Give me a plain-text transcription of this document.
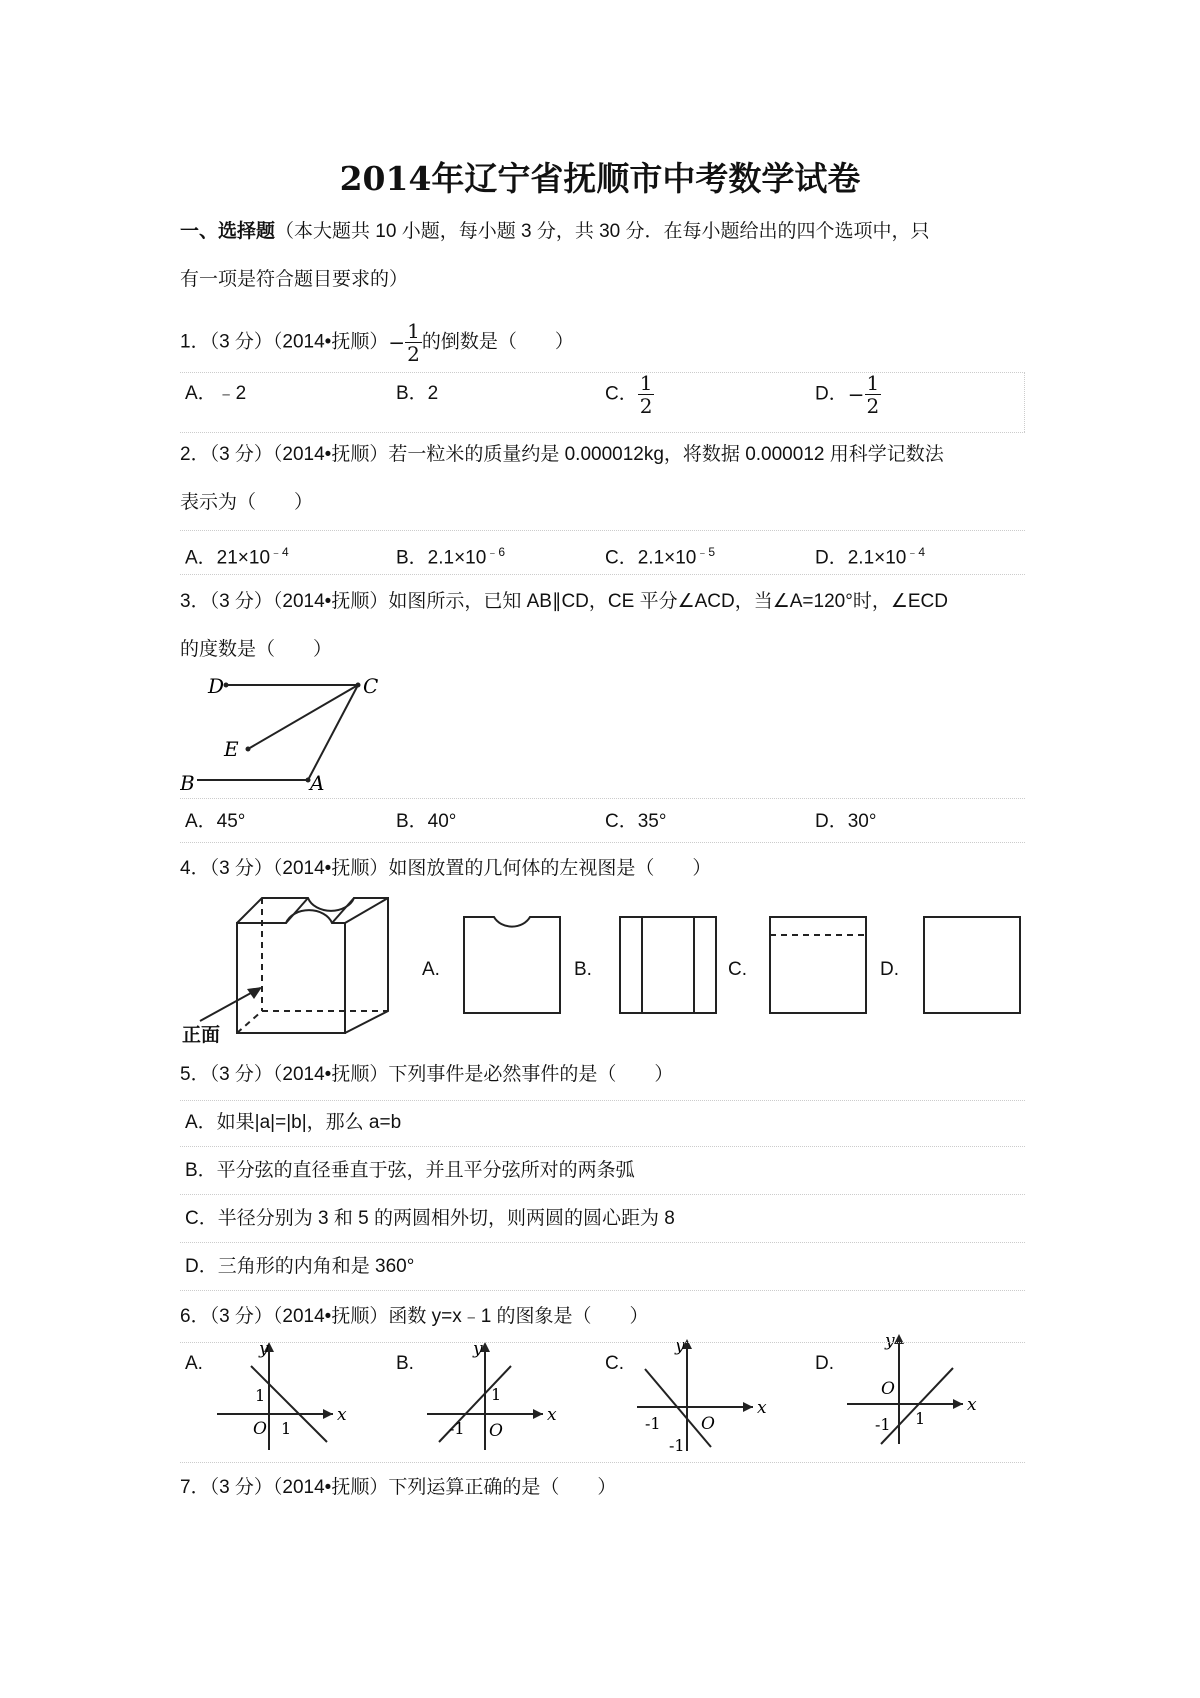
2014年辽宁省抚顺市中考数学试卷
一、选择题（本大题共 10 小题，每小题 3 分，共 30 分．在每小题给出的四个选项中，只
有一项是符合题目要求的）
1．（3 分）（2014•抚顺）− $\frac{1}{2}$ 的倒数是（　　）
A．﹣2	B．2	C． $\frac{1}{2}$	D．− $\frac{1}{2}$
2．（3 分）（2014•抚顺）若一粒米的质量约是 0.000012kg，将数据 0.000012 用科学记数法
表示为（　　）
A．$21\times 10^{﹣4}$	B．$2.1\times 10^{﹣6}$	C．$2.1\times 10^{﹣5}$	D．$2.1\times 10^{﹣4}$
3．（3 分）（2014•抚顺）如图所示，已知 AB∥CD，CE 平分∠ACD，当∠A=120°时，∠ECD
的度数是（　　）
D	C
E
B	A
A．45°	B．40°	C．35°	D．30°
4．（3 分）（2014•抚顺）如图放置的几何体的左视图是（　　）
正面
A.	B.	C.	D.
5．（3 分）（2014•抚顺）下列事件是必然事件的是（　　）
A．如果|a|=|b|，那么 a=b
B．平分弦的直径垂直于弦，并且平分弦所对的两条弧
C．半径分别为 3 和 5 的两圆相外切，则两圆的圆心距为 8
D．三角形的内角和是 360°
6．（3 分）（2014•抚顺）函数 y=x﹣1 的图象是（　　）
A.
x
y
O
1
1
B.
x
y
O
1
-1
C.
x
y
O
-1
-1
D.
x
y
O
1
-1
7．（3 分）（2014•抚顺）下列运算正确的是（　　）
